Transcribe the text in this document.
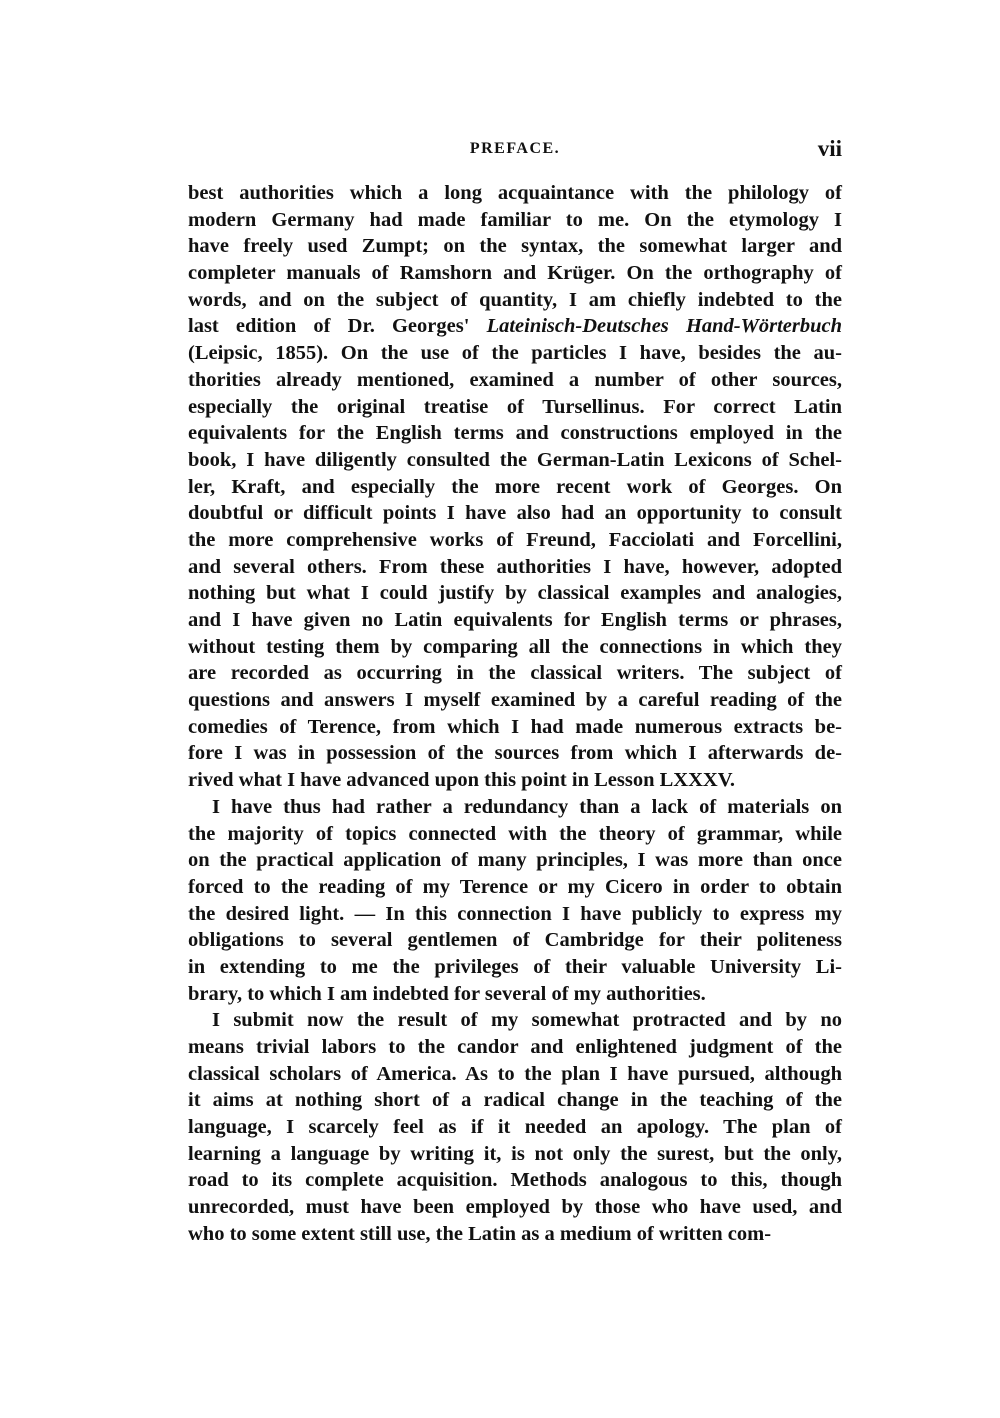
PREFACE.	vii
best authorities which a long acquaintance with the philology of
modern Germany had made familiar to me. On the etymology I
have freely used Zumpt; on the syntax, the somewhat larger and
completer manuals of Ramshorn and Krüger. On the orthography of
words, and on the subject of quantity, I am chiefly indebted to the
last edition of Dr. Georges' Lateinisch-Deutsches Hand-Wörterbuch
(Leipsic, 1855). On the use of the particles I have, besides the au-
thorities already mentioned, examined a number of other sources,
especially the original treatise of Tursellinus. For correct Latin
equivalents for the English terms and constructions employed in the
book, I have diligently consulted the German-Latin Lexicons of Schel-
ler, Kraft, and especially the more recent work of Georges. On
doubtful or difficult points I have also had an opportunity to consult
the more comprehensive works of Freund, Facciolati and Forcellini,
and several others. From these authorities I have, however, adopted
nothing but what I could justify by classical examples and analogies,
and I have given no Latin equivalents for English terms or phrases,
without testing them by comparing all the connections in which they
are recorded as occurring in the classical writers. The subject of
questions and answers I myself examined by a careful reading of the
comedies of Terence, from which I had made numerous extracts be-
fore I was in possession of the sources from which I afterwards de-
rived what I have advanced upon this point in Lesson LXXXV.
I have thus had rather a redundancy than a lack of materials on
the majority of topics connected with the theory of grammar, while
on the practical application of many principles, I was more than once
forced to the reading of my Terence or my Cicero in order to obtain
the desired light. — In this connection I have publicly to express my
obligations to several gentlemen of Cambridge for their politeness
in extending to me the privileges of their valuable University Li-
brary, to which I am indebted for several of my authorities.
I submit now the result of my somewhat protracted and by no
means trivial labors to the candor and enlightened judgment of the
classical scholars of America. As to the plan I have pursued, although
it aims at nothing short of a radical change in the teaching of the
language, I scarcely feel as if it needed an apology. The plan of
learning a language by writing it, is not only the surest, but the only,
road to its complete acquisition. Methods analogous to this, though
unrecorded, must have been employed by those who have used, and
who to some extent still use, the Latin as a medium of written com-
